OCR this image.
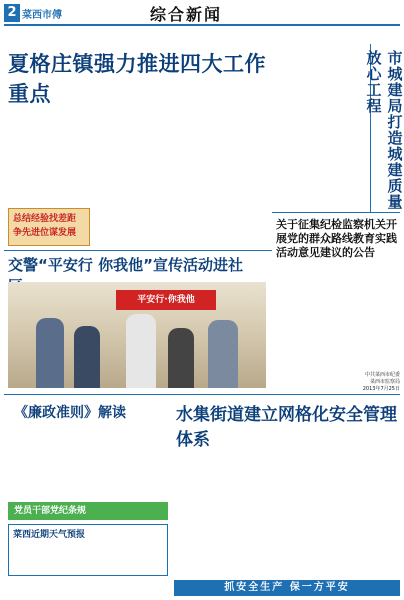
2 菜西市傅	综合新闻
夏格庄镇强力推进四大工作重点
总结经验找差距
争先进位谋发展
市城建局打造城建质量放心工程
交警“平安行 你我他”宣传活动进社
平安行·你我他
关于征集纪检监察机关开展党的群众路线教育实践活动意见建议的公告
中共菜西市纪委
菜西市监察局
2013年7月25日
《廉政准则》解读	水集街道建立网格化安全管理体系
党员干部党纪条规
菜西近期天气预报
抓安全生产 保一方平安
